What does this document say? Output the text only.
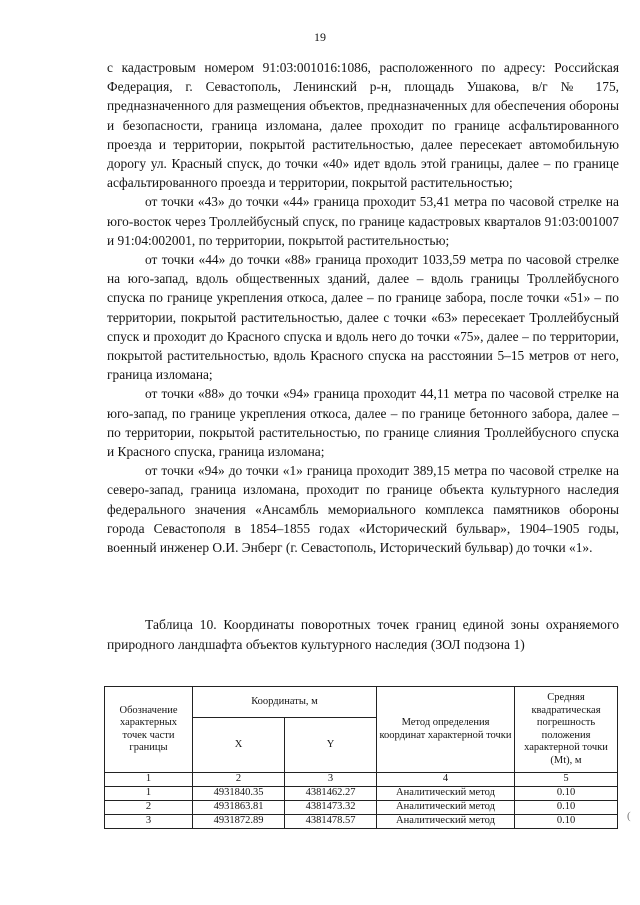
19

с кадастровым номером 91:03:001016:1086, расположенного по адресу: Российская Федерация, г. Севастополь, Ленинский р-н, площадь Ушакова, в/г № 175, предназначенного для размещения объектов, предназначенных для обеспечения обороны и безопасности, граница изломана, далее проходит по границе асфальтированного проезда и территории, покрытой растительностью, далее пересекает автомобильную дорогу ул. Красный спуск, до точки «40» идет вдоль этой границы, далее – по границе асфальтированного проезда и территории, покрытой растительностью;

от точки «43» до точки «44» граница проходит 53,41 метра по часовой стрелке на юго-восток через Троллейбусный спуск, по границе кадастровых кварталов 91:03:001007 и 91:04:002001, по территории, покрытой растительностью;

от точки «44» до точки «88» граница проходит 1033,59 метра по часовой стрелке на юго-запад, вдоль общественных зданий, далее – вдоль границы Троллейбусного спуска по границе укрепления откоса, далее – по границе забора, после точки «51» – по территории, покрытой растительностью, далее с точки «63» пересекает Троллейбусный спуск и проходит до Красного спуска и вдоль него до точки «75», далее – по территории, покрытой растительностью, вдоль Красного спуска на расстоянии 5–15 метров от него, граница изломана;

от точки «88» до точки «94» граница проходит 44,11 метра по часовой стрелке на юго-запад, по границе укрепления откоса, далее – по границе бетонного забора, далее – по территории, покрытой растительностью, по границе слияния Троллейбусного спуска и Красного спуска, граница изломана;

от точки «94» до точки «1» граница проходит 389,15 метра по часовой стрелке на северо-запад, граница изломана, проходит по границе объекта культурного наследия федерального значения «Ансамбль мемориального комплекса памятников обороны города Севастополя в 1854–1855 годах «Исторический бульвар», 1904–1905 годы, военный инженер О.И. Энберг (г. Севастополь, Исторический бульвар) до точки «1».

Таблица 10. Координаты поворотных точек границ единой зоны охраняемого природного ландшафта объектов культурного наследия (ЗОЛ подзона 1)
Обозначение характерных точек части границы	Координаты, м		Метод определения координат характерной точки	Средняя квадратическая погрешность положения характерной точки (Mt), м
	X	Y		
1	2	3	4	5
1	4931840.35	4381462.27	Аналитический метод	0.10
2	4931863.81	4381473.32	Аналитический метод	0.10
3	4931872.89	4381478.57	Аналитический метод	0.10	(
